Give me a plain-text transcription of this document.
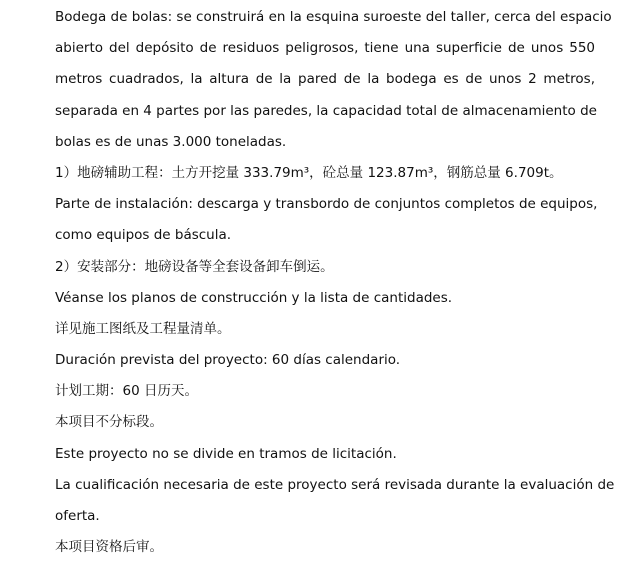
Bodega de bolas: se construirá en la esquina suroeste del taller, cerca del espacio
abierto del depósito de residuos peligrosos, tiene una superficie de unos 550
metros cuadrados, la altura de la pared de la bodega es de unos 2 metros,
separada en 4 partes por las paredes, la capacidad total de almacenamiento de
bolas es de unas 3.000 toneladas.
1）地磅辅助工程：土方开挖量 333.79m³，砼总量 123.87m³，钢筋总量 6.709t。
Parte de instalación: descarga y transbordo de conjuntos completos de equipos,
como equipos de báscula.
2）安装部分：地磅设备等全套设备卸车倒运。
Véanse los planos de construcción y la lista de cantidades.
详见施工图纸及工程量清单。
Duración prevista del proyecto: 60 días calendario.
计划工期：60 日历天。
本项目不分标段。
Este proyecto no se divide en tramos de licitación.
La cualificación necesaria de este proyecto será revisada durante la evaluación de
oferta.
本项目资格后审。
